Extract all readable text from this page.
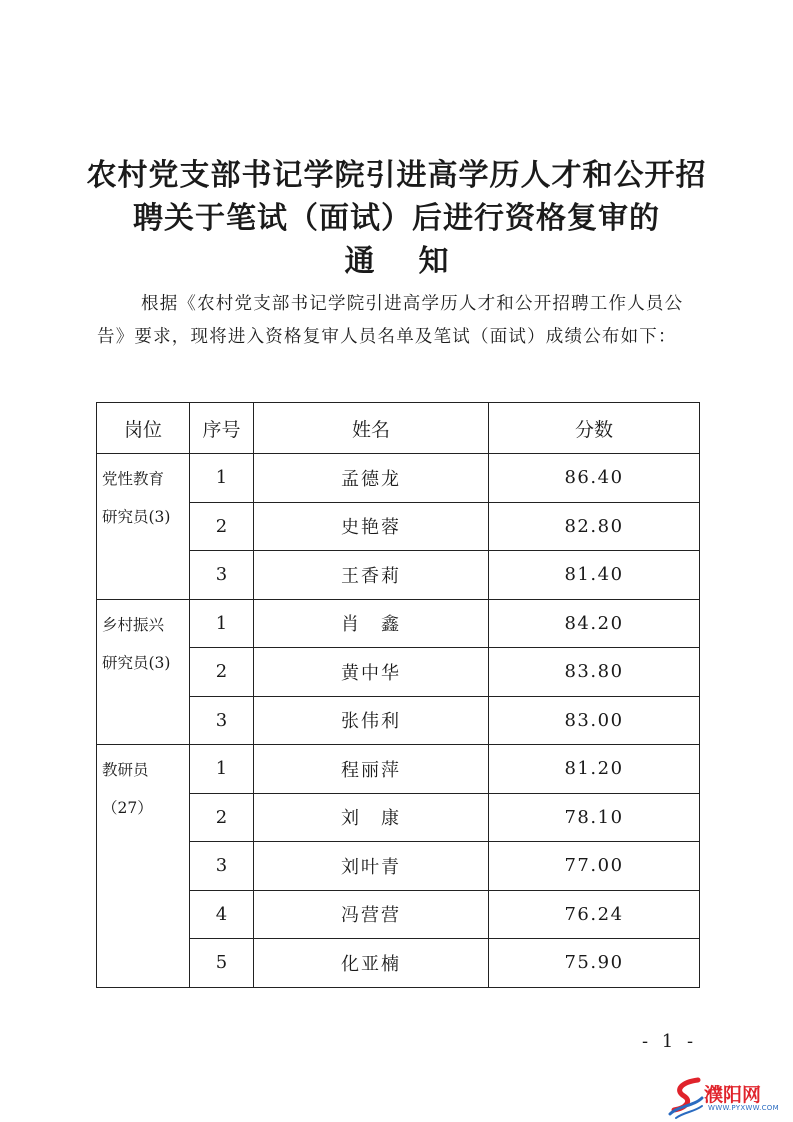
农村党支部书记学院引进高学历人才和公开招
聘关于笔试（面试）后进行资格复审的
通知
根据《农村党支部书记学院引进高学历人才和公开招聘工作人员公告》要求，现将进入资格复审人员名单及笔试（面试）成绩公布如下：
岗位	序号	姓名	分数

党性教育
研究员(3)	1	孟德龙	86.40
	2	史艳蓉	82.80
	3	王香莉	81.40

乡村振兴
研究员(3)	1	肖　鑫	84.20
	2	黄中华	83.80
	3	张伟利	83.00

教研员
（27）	1	程丽萍	81.20
	2	刘　康	78.10
	3	刘叶青	77.00
	4	冯营营	76.24
	5	化亚楠	75.90
- 1 -
濮阳网
WWW.PYXWW.COM
